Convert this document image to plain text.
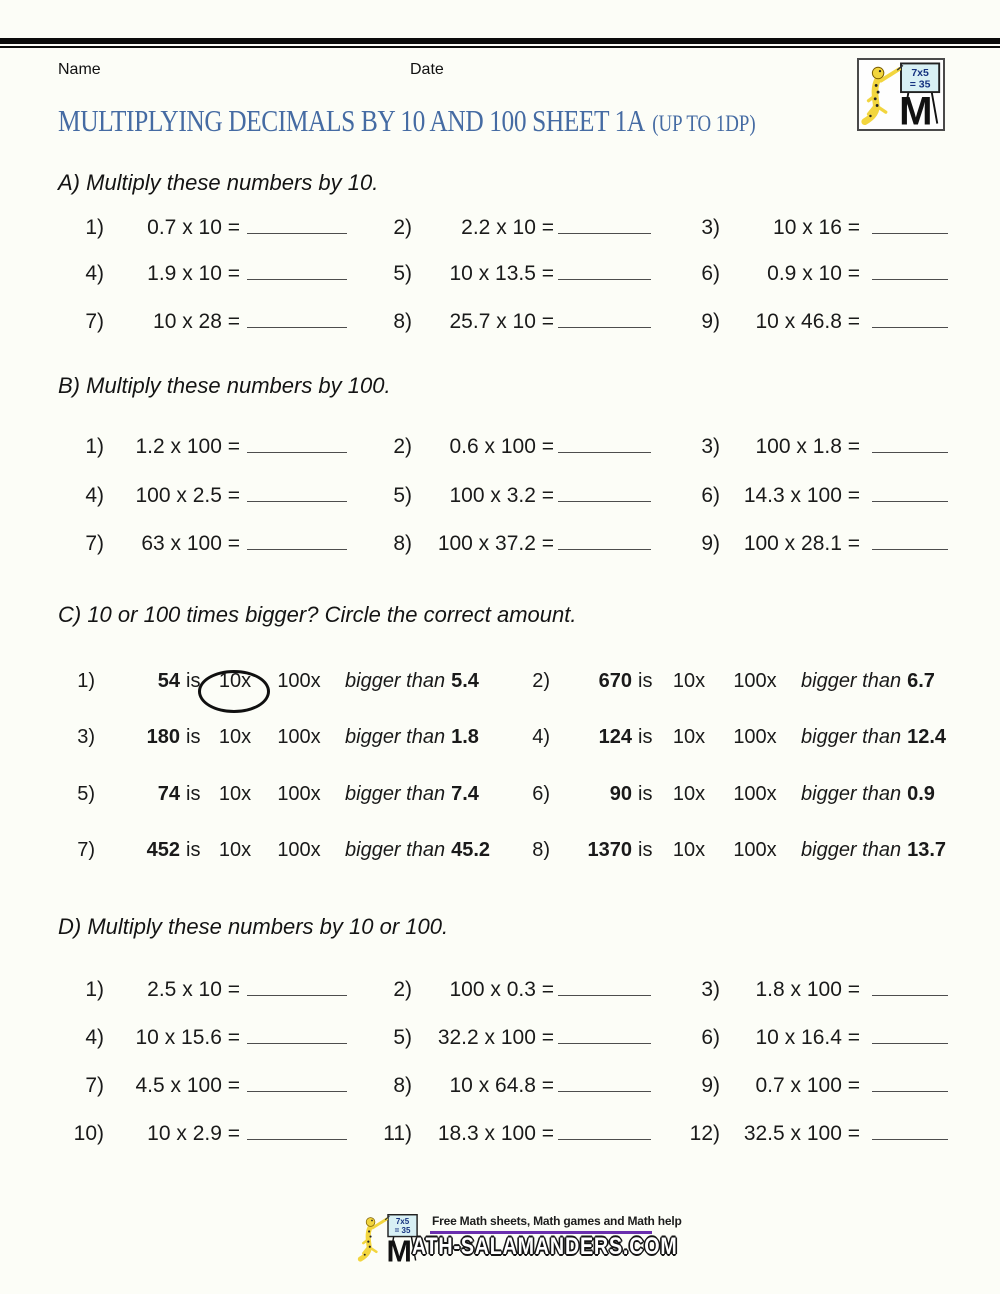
Name	Date	7x5
= 35
M
MULTIPLYING DECIMALS BY 10 AND 100 SHEET 1A (UP TO 1DP)
A) Multiply these numbers by 10.
1)	0.7 x 10 =	2)	2.2 x 10 =	3)	10 x 16 =
4)	1.9 x 10 =	5)	10 x 13.5 =	6)	0.9 x 10 =
7)	10 x 28 =	8)	25.7 x 10 =	9)	10 x 46.8 =
B) Multiply these numbers by 100.
1)	1.2 x 100 =	2)	0.6 x 100 =	3)	100 x 1.8 =
4)	100 x 2.5 =	5)	100 x 3.2 =	6)	14.3 x 100 =
7)	63 x 100 =	8)	100 x 37.2 =	9)	100 x 28.1 =
C) 10 or 100 times bigger? Circle the correct amount.
1)	54 is 10x	100x	bigger than 5.4	2)	670 is	10x	100x	bigger than 6.7
3)	180 is 10x	100x	bigger than 1.8	4)	124 is	10x	100x	bigger than 12.4
5)	74 is 10x	100x	bigger than 7.4	6)	90 is	10x	100x	bigger than 0.9
7)	452 is 10x	100x	bigger than 45.2	8)	1370 is	10x	100x	bigger than 13.7
D) Multiply these numbers by 10 or 100.
1)	2.5 x 10 =	2)	100 x 0.3 =	3)	1.8 x 100 =
4)	10 x 15.6 =	5)	32.2 x 100 =	6)	10 x 16.4 =
7)	4.5 x 100 =	8)	10 x 64.8 =	9)	0.7 x 100 =
10)	10 x 2.9 =	11)	18.3 x 100 =	12)	32.5 x 100 =
7x5
= 35
M
Free Math sheets, Math games and Math help
ATH-SALAMANDERS.COM
